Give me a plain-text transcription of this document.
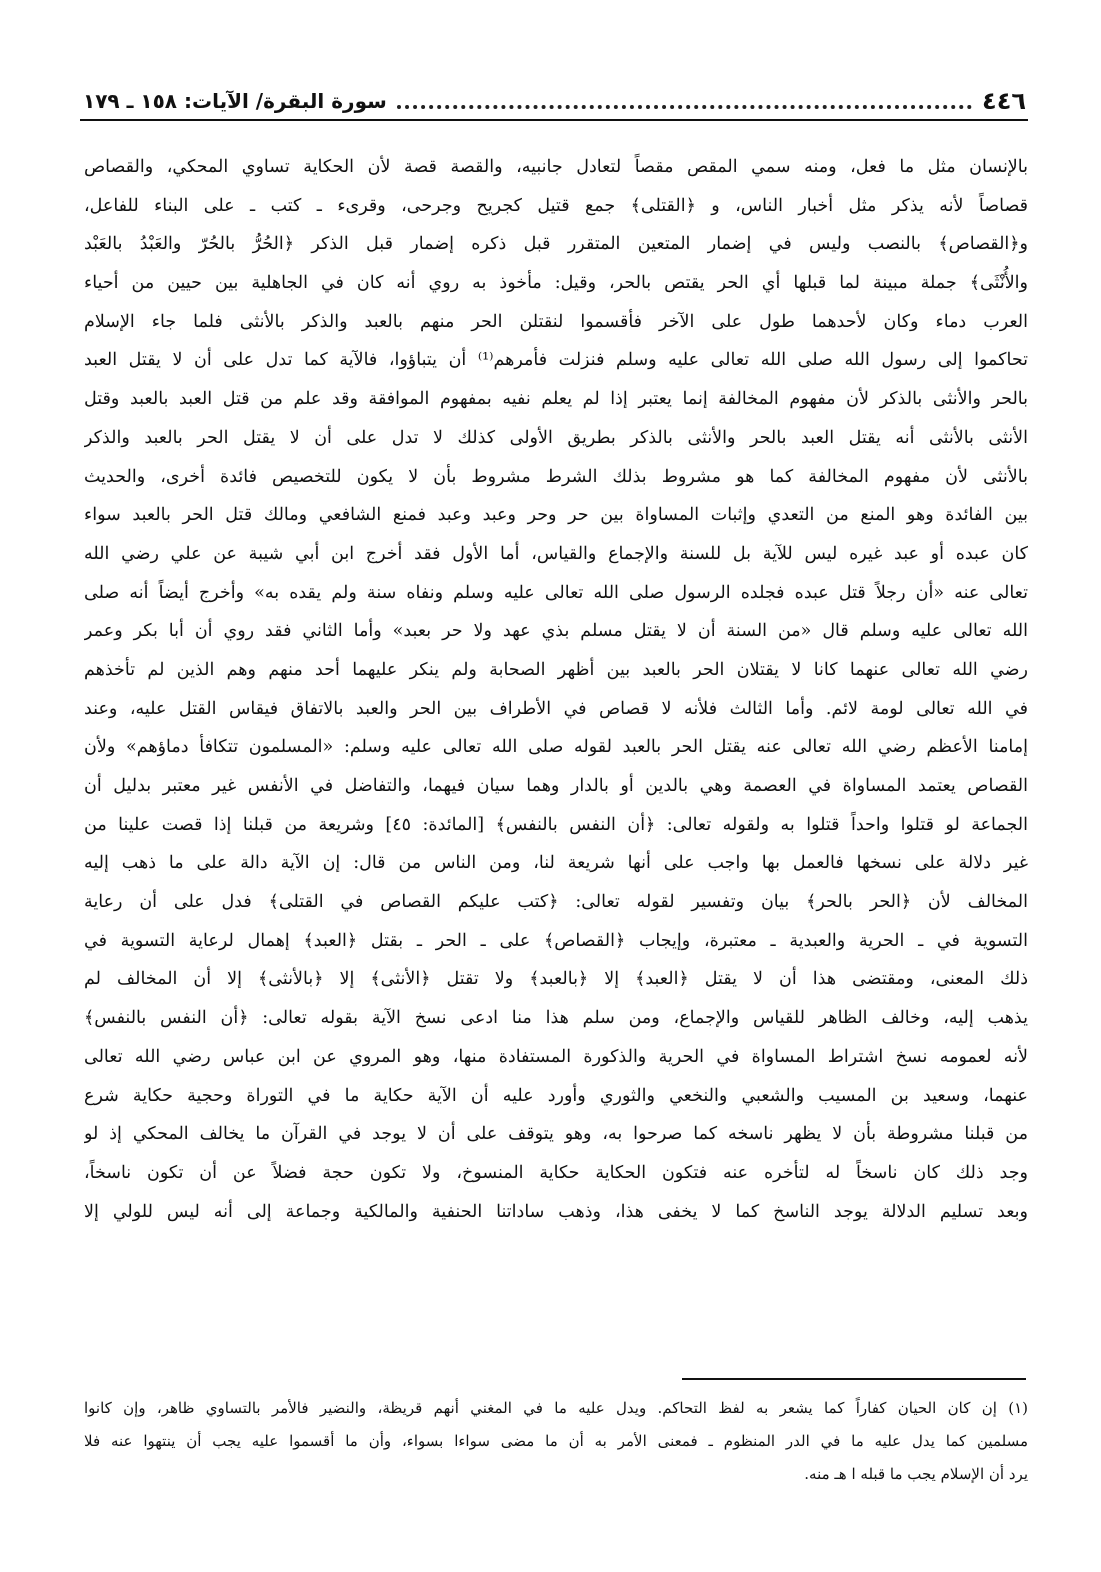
٤٤٦
سورة البقرة/ الآيات: ١٥٨ ـ ١٧٩
بالإنسان مثل ما فعل، ومنه سمي المقص مقصاً لتعادل جانبيه، والقصة قصة لأن الحكاية تساوي المحكي، والقصاص
قصاصاً لأنه يذكر مثل أخبار الناس، و ﴿القتلى﴾ جمع قتيل كجريح وجرحى، وقرىء ـ كتب ـ على البناء للفاعل،
و﴿القصاص﴾ بالنصب وليس في إضمار المتعين المتقرر قبل ذكره إضمار قبل الذكر ﴿الحُرُّ بالحُرّ والعَبْدُ بالعَبْد
والأُنْثَى﴾ جملة مبينة لما قبلها أي الحر يقتص بالحر، وقيل: مأخوذ به روي أنه كان في الجاهلية بين حيين من أحياء
العرب دماء وكان لأحدهما طول على الآخر فأقسموا لنقتلن الحر منهم بالعبد والذكر بالأنثى فلما جاء الإسلام
تحاكموا إلى رسول الله صلى الله تعالى عليه وسلم فنزلت فأمرهم⁽¹⁾ أن يتباؤوا، فالآية كما تدل على أن لا يقتل العبد
بالحر والأنثى بالذكر لأن مفهوم المخالفة إنما يعتبر إذا لم يعلم نفيه بمفهوم الموافقة وقد علم من قتل العبد بالعبد وقتل
الأنثى بالأنثى أنه يقتل العبد بالحر والأنثى بالذكر بطريق الأولى كذلك لا تدل على أن لا يقتل الحر بالعبد والذكر
بالأنثى لأن مفهوم المخالفة كما هو مشروط بذلك الشرط مشروط بأن لا يكون للتخصيص فائدة أخرى، والحديث
بين الفائدة وهو المنع من التعدي وإثبات المساواة بين حر وحر وعبد وعبد فمنع الشافعي ومالك قتل الحر بالعبد سواء
كان عبده أو عبد غيره ليس للآية بل للسنة والإجماع والقياس، أما الأول فقد أخرج ابن أبي شيبة عن علي رضي الله
تعالى عنه «أن رجلاً قتل عبده فجلده الرسول صلى الله تعالى عليه وسلم ونفاه سنة ولم يقده به» وأخرج أيضاً أنه صلى
الله تعالى عليه وسلم قال «من السنة أن لا يقتل مسلم بذي عهد ولا حر بعبد» وأما الثاني فقد روي أن أبا بكر وعمر
رضي الله تعالى عنهما كانا لا يقتلان الحر بالعبد بين أظهر الصحابة ولم ينكر عليهما أحد منهم وهم الذين لم تأخذهم
في الله تعالى لومة لائم. وأما الثالث فلأنه لا قصاص في الأطراف بين الحر والعبد بالاتفاق فيقاس القتل عليه، وعند
إمامنا الأعظم رضي الله تعالى عنه يقتل الحر بالعبد لقوله صلى الله تعالى عليه وسلم: «المسلمون تتكافأ دماؤهم» ولأن
القصاص يعتمد المساواة في العصمة وهي بالدين أو بالدار وهما سيان فيهما، والتفاضل في الأنفس غير معتبر بدليل أن
الجماعة لو قتلوا واحداً قتلوا به ولقوله تعالى: ﴿أن النفس بالنفس﴾ [المائدة: ٤٥] وشريعة من قبلنا إذا قصت علينا من
غير دلالة على نسخها فالعمل بها واجب على أنها شريعة لنا، ومن الناس من قال: إن الآية دالة على ما ذهب إليه
المخالف لأن ﴿الحر بالحر﴾ بيان وتفسير لقوله تعالى: ﴿كتب عليكم القصاص في القتلى﴾ فدل على أن رعاية
التسوية في ـ الحرية والعبدية ـ معتبرة، وإيجاب ﴿القصاص﴾ على ـ الحر ـ بقتل ﴿العبد﴾ إهمال لرعاية التسوية في
ذلك المعنى، ومقتضى هذا أن لا يقتل ﴿العبد﴾ إلا ﴿بالعبد﴾ ولا تقتل ﴿الأنثى﴾ إلا ﴿بالأنثى﴾ إلا أن المخالف لم
يذهب إليه، وخالف الظاهر للقياس والإجماع، ومن سلم هذا منا ادعى نسخ الآية بقوله تعالى: ﴿أن النفس بالنفس﴾
لأنه لعمومه نسخ اشتراط المساواة في الحرية والذكورة المستفادة منها، وهو المروي عن ابن عباس رضي الله تعالى
عنهما، وسعيد بن المسيب والشعبي والنخعي والثوري وأورد عليه أن الآية حكاية ما في التوراة وحجية حكاية شرع
من قبلنا مشروطة بأن لا يظهر ناسخه كما صرحوا به، وهو يتوقف على أن لا يوجد في القرآن ما يخالف المحكي إذ لو
وجد ذلك كان ناسخاً له لتأخره عنه فتكون الحكاية حكاية المنسوخ، ولا تكون حجة فضلاً عن أن تكون ناسخاً،
وبعد تسليم الدلالة يوجد الناسخ كما لا يخفى هذا، وذهب ساداتنا الحنفية والمالكية وجماعة إلى أنه ليس للولي إلا
(١) إن كان الحيان كفاراً كما يشعر به لفظ التحاكم. ويدل عليه ما في المغني أنهم قريظة، والنضير فالأمر بالتساوي ظاهر، وإن كانوا
مسلمين كما يدل عليه ما في الدر المنظوم ـ فمعنى الأمر به أن ما مضى سواءا بسواء، وأن ما أقسموا عليه يجب أن ينتهوا عنه فلا
يرد أن الإسلام يجب ما قبله ا هـ منه.
